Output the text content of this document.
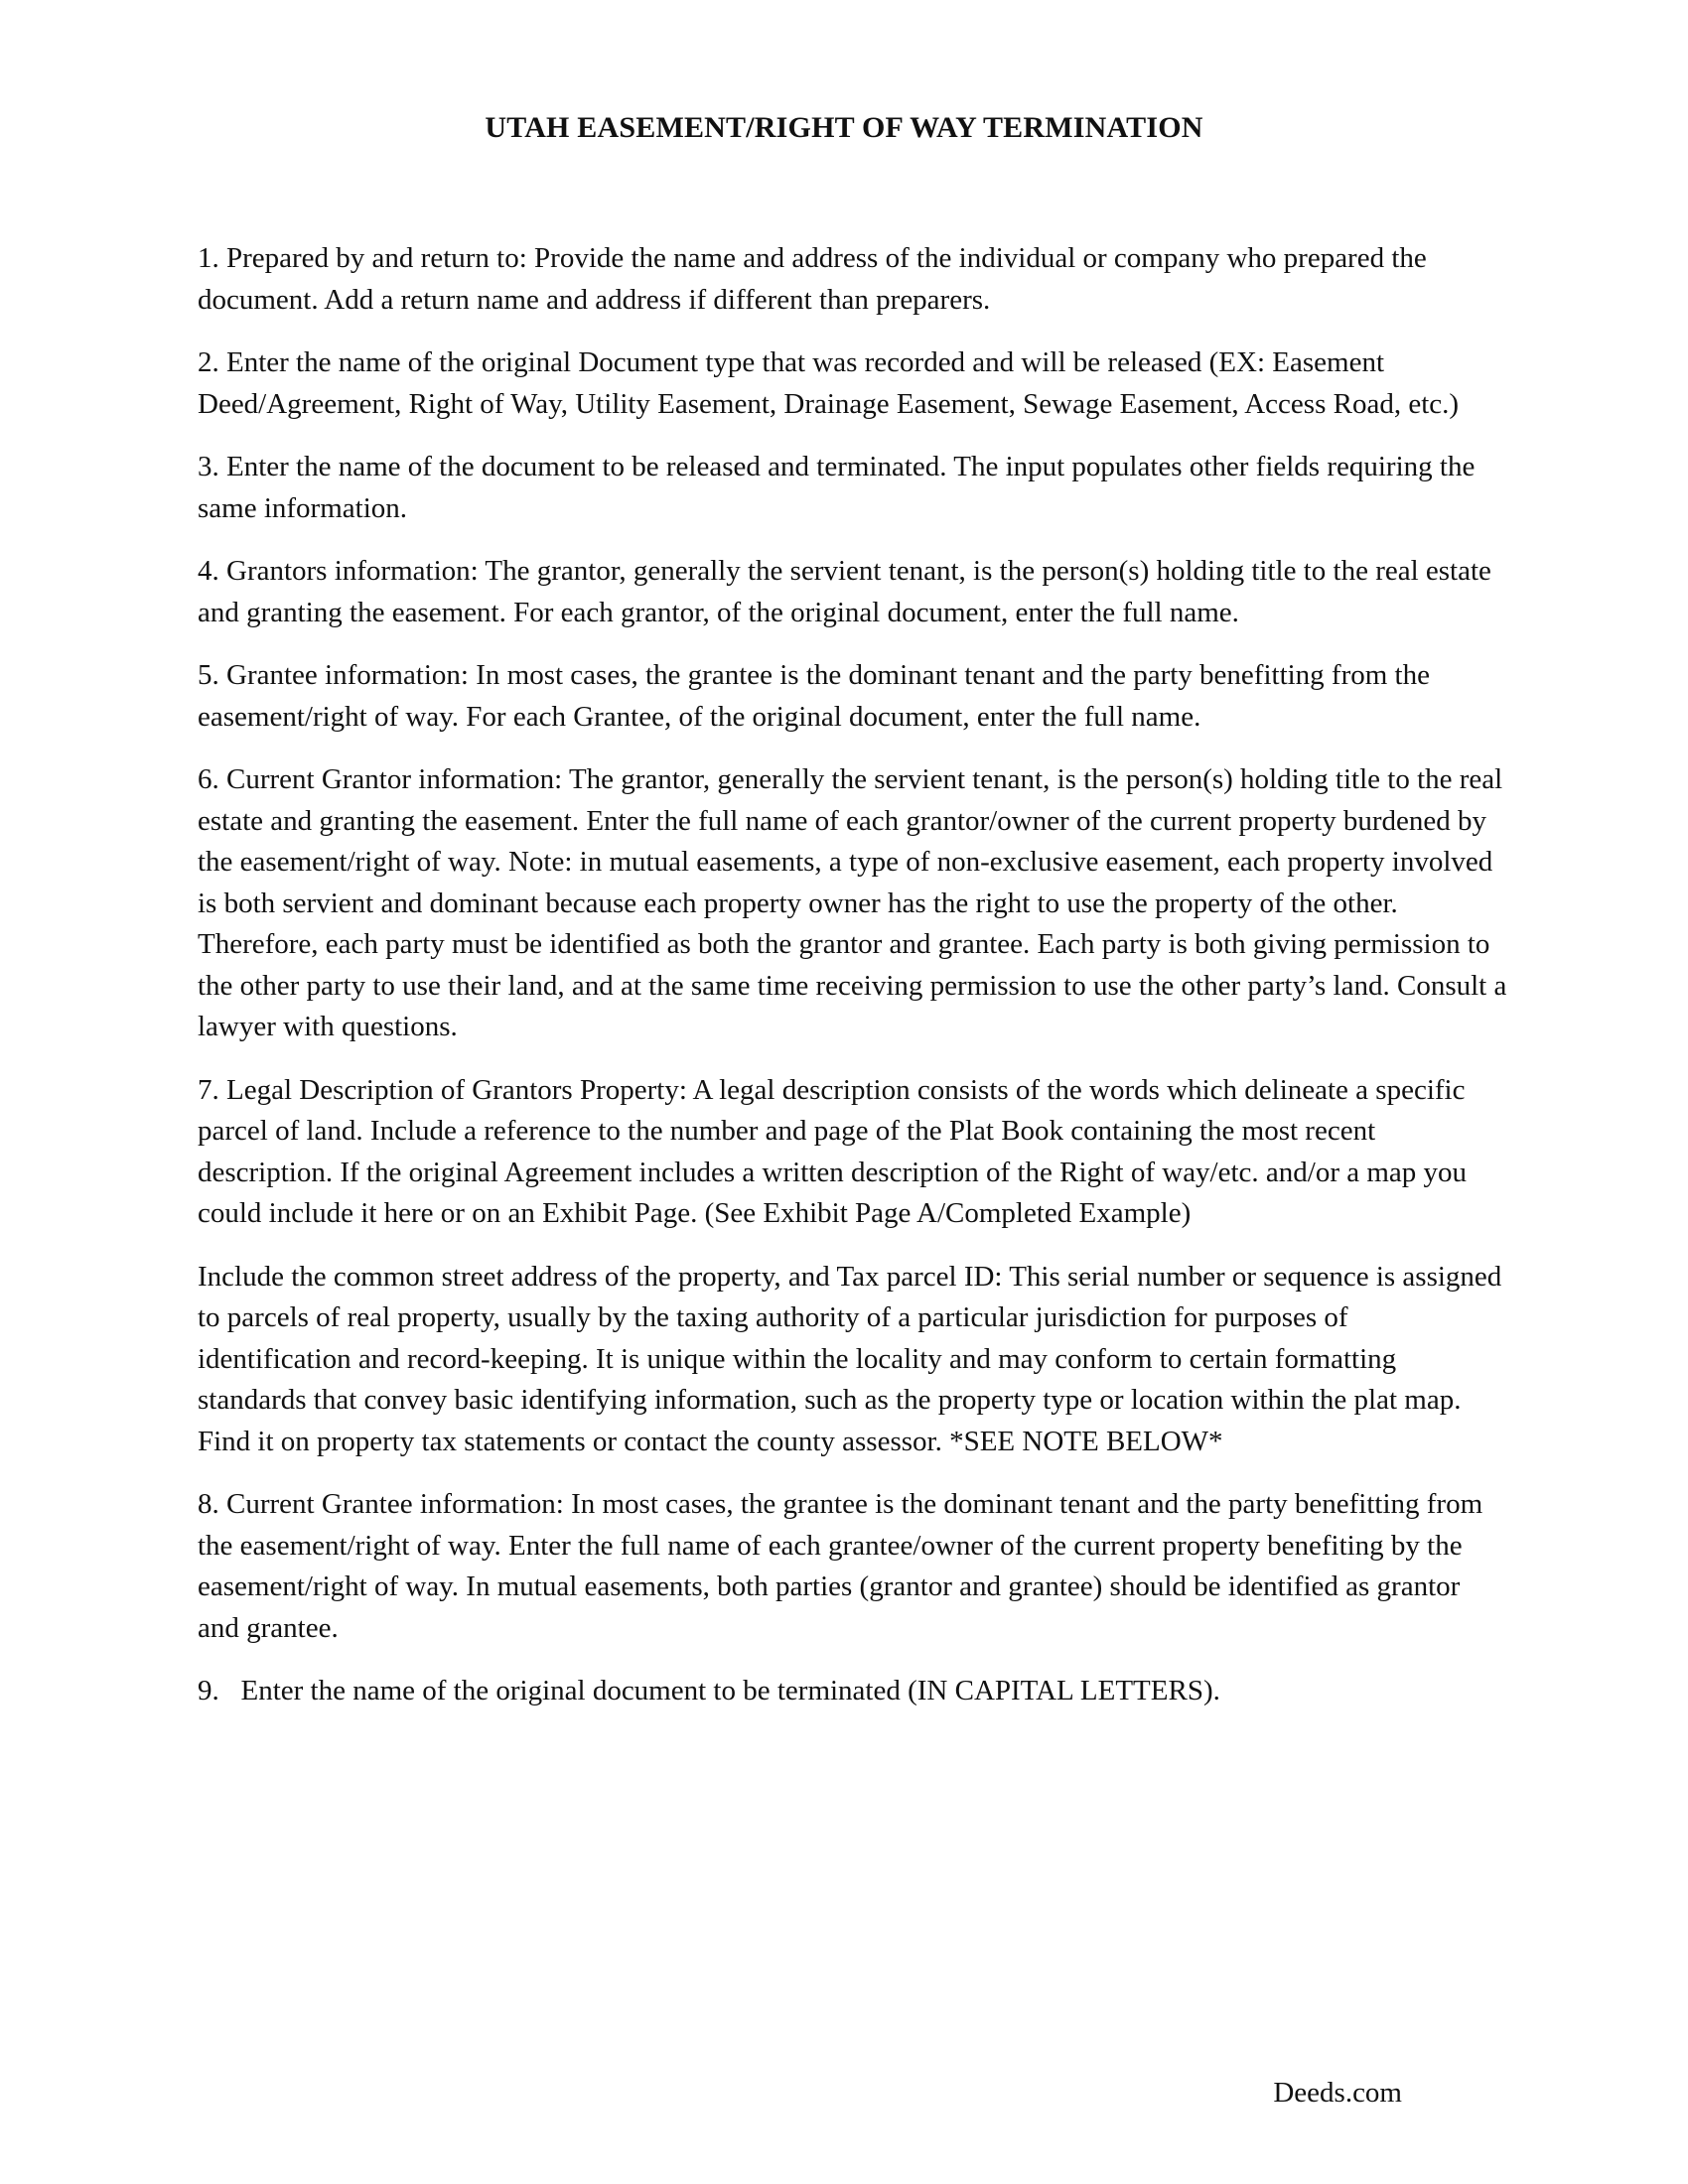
UTAH EASEMENT/RIGHT OF WAY TERMINATION

1. Prepared by and return to: Provide the name and address of the individual or company who prepared the document. Add a return name and address if different than preparers.

2. Enter the name of the original Document type that was recorded and will be released (EX: Easement Deed/Agreement, Right of Way, Utility Easement, Drainage Easement, Sewage Easement, Access Road, etc.)

3. Enter the name of the document to be released and terminated. The input populates other fields requiring the same information.

4. Grantors information: The grantor, generally the servient tenant, is the person(s) holding title to the real estate and granting the easement. For each grantor, of the original document, enter the full name.

5. Grantee information: In most cases, the grantee is the dominant tenant and the party benefitting from the easement/right of way. For each Grantee, of the original document, enter the full name.

6. Current Grantor information: The grantor, generally the servient tenant, is the person(s) holding title to the real estate and granting the easement. Enter the full name of each grantor/owner of the current property burdened by the easement/right of way. Note: in mutual easements, a type of non-exclusive easement, each property involved is both servient and dominant because each property owner has the right to use the property of the other. Therefore, each party must be identified as both the grantor and grantee. Each party is both giving permission to the other party to use their land, and at the same time receiving permission to use the other party’s land. Consult a lawyer with questions.

7. Legal Description of Grantors Property: A legal description consists of the words which delineate a specific parcel of land. Include a reference to the number and page of the Plat Book containing the most recent description. If the original Agreement includes a written description of the Right of way/etc. and/or a map you could include it here or on an Exhibit Page. (See Exhibit Page A/Completed Example)

Include the common street address of the property, and Tax parcel ID: This serial number or sequence is assigned to parcels of real property, usually by the taxing authority of a particular jurisdiction for purposes of identification and record-keeping. It is unique within the locality and may conform to certain formatting standards that convey basic identifying information, such as the property type or location within the plat map. Find it on property tax statements or contact the county assessor. *SEE NOTE BELOW*

8. Current Grantee information: In most cases, the grantee is the dominant tenant and the party benefitting from the easement/right of way. Enter the full name of each grantee/owner of the current property benefiting by the easement/right of way. In mutual easements, both parties (grantor and grantee) should be identified as grantor and grantee.

9.   Enter the name of the original document to be terminated (IN CAPITAL LETTERS).

Deeds.com
